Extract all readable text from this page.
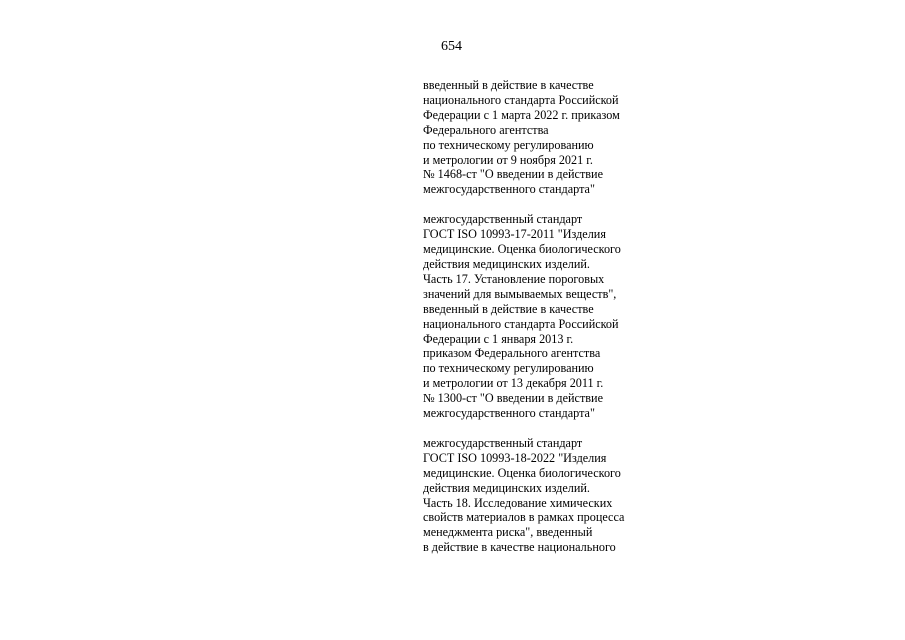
654
введенный в действие в качестве
национального стандарта Российской
Федерации с 1 марта 2022 г. приказом
Федерального агентства
по техническому регулированию
и метрологии от 9 ноября 2021 г.
№ 1468-ст "О введении в действие
межгосударственного стандарта"
межгосударственный стандарт
ГОСТ ISO 10993-17-2011 "Изделия
медицинские. Оценка биологического
действия медицинских изделий.
Часть 17. Установление пороговых
значений для вымываемых веществ",
введенный в действие в качестве
национального стандарта Российской
Федерации с 1 января 2013 г.
приказом Федерального агентства
по техническому регулированию
и метрологии от 13 декабря 2011 г.
№ 1300-ст "О введении в действие
межгосударственного стандарта"
межгосударственный стандарт
ГОСТ ISO 10993-18-2022 "Изделия
медицинские. Оценка биологического
действия медицинских изделий.
Часть 18. Исследование химических
свойств материалов в рамках процесса
менеджмента риска", введенный
в действие в качестве национального
